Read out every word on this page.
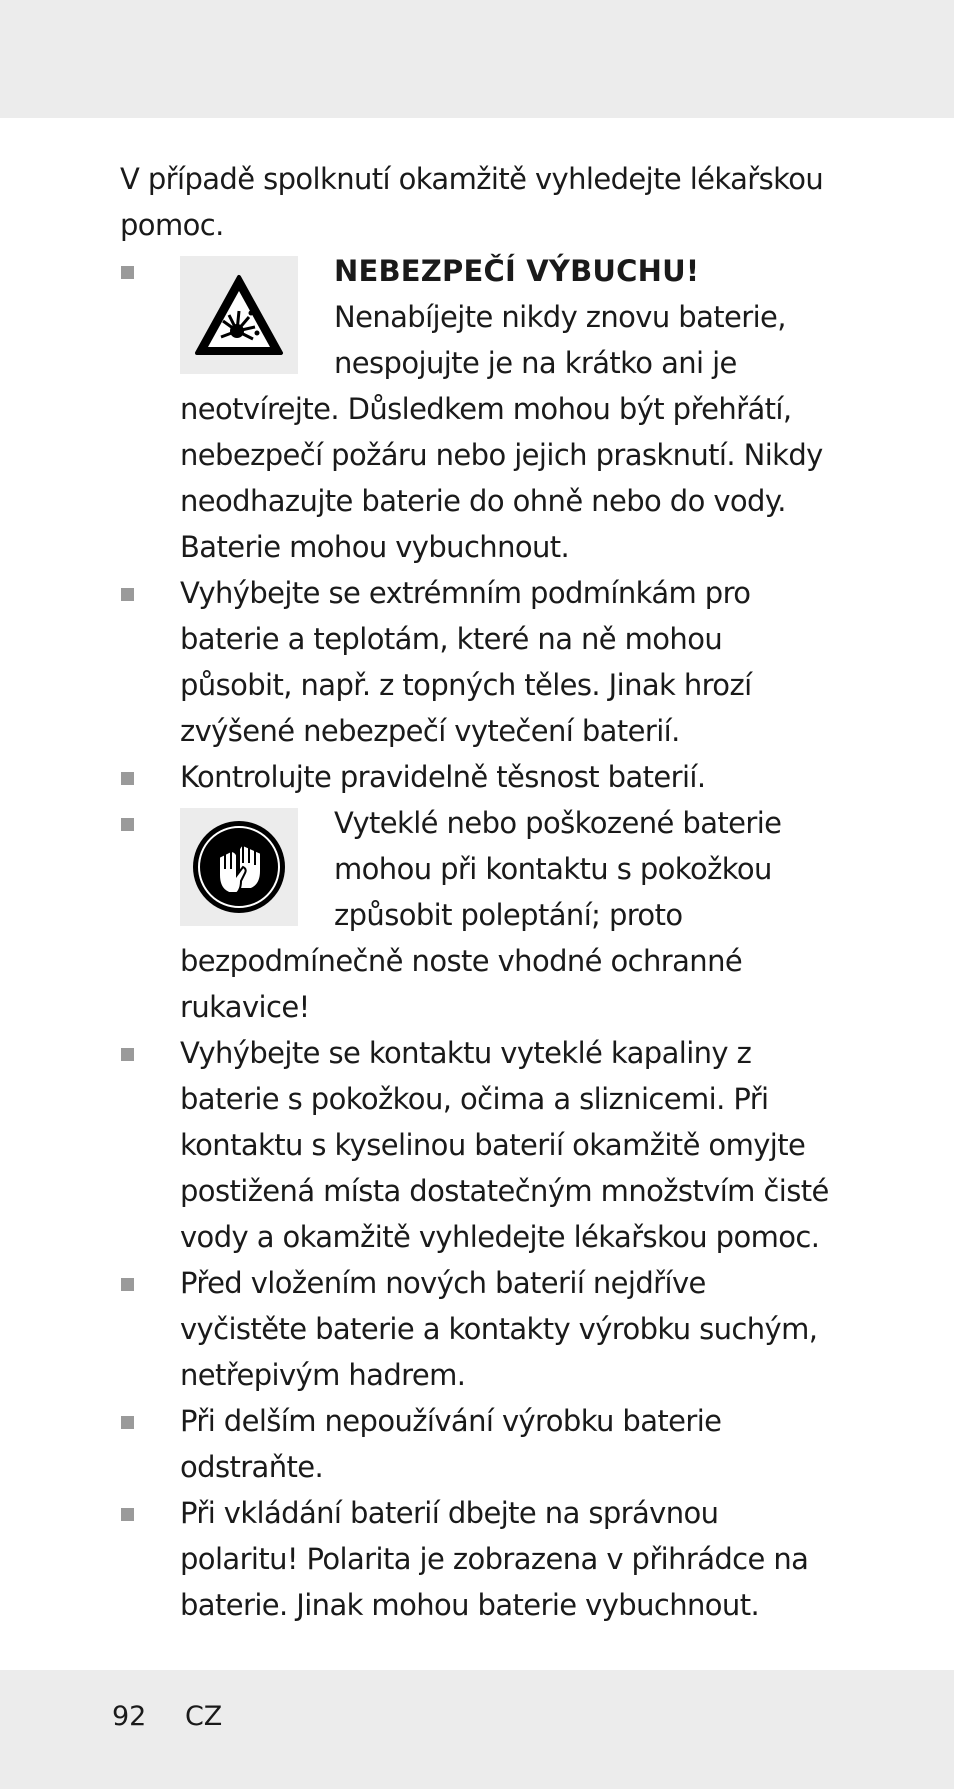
V případě spolknutí okamžitě vyhledejte lékařskou pomoc.

NEBEZPEČÍ VÝBUCHU! Nenabíjejte nikdy znovu baterie, nespojujte je na krátko ani je neotvírejte. Důsledkem mohou být přehřátí, nebezpečí požáru nebo jejich prasknutí. Nikdy neodhazujte baterie do ohně nebo do vody. Baterie mohou vybuchnout.

Vyhýbejte se extrémním podmínkám pro baterie a teplotám, které na ně mohou působit, např. z topných těles. Jinak hrozí zvýšené nebezpečí vytečení baterií.

Kontrolujte pravidelně těsnost baterií.

Vyteklé nebo poškozené baterie mohou při kontaktu s pokožkou způsobit poleptání; proto bezpodmínečně noste vhodné ochranné rukavice!

Vyhýbejte se kontaktu vyteklé kapaliny z baterie s pokožkou, očima a sliznicemi. Při kontaktu s kyselinou baterií okamžitě omyjte postižená místa dostatečným množstvím čisté vody a okamžitě vyhledejte lékařskou pomoc.

Před vložením nových baterií nejdříve vyčistěte baterie a kontakty výrobku suchým, netřepivým hadrem.

Při delším nepoužívání výrobku baterie odstraňte.

Při vkládání baterií dbejte na správnou polaritu! Polarita je zobrazena v přihrádce na baterie. Jinak mohou baterie vybuchnout.

92 CZ
